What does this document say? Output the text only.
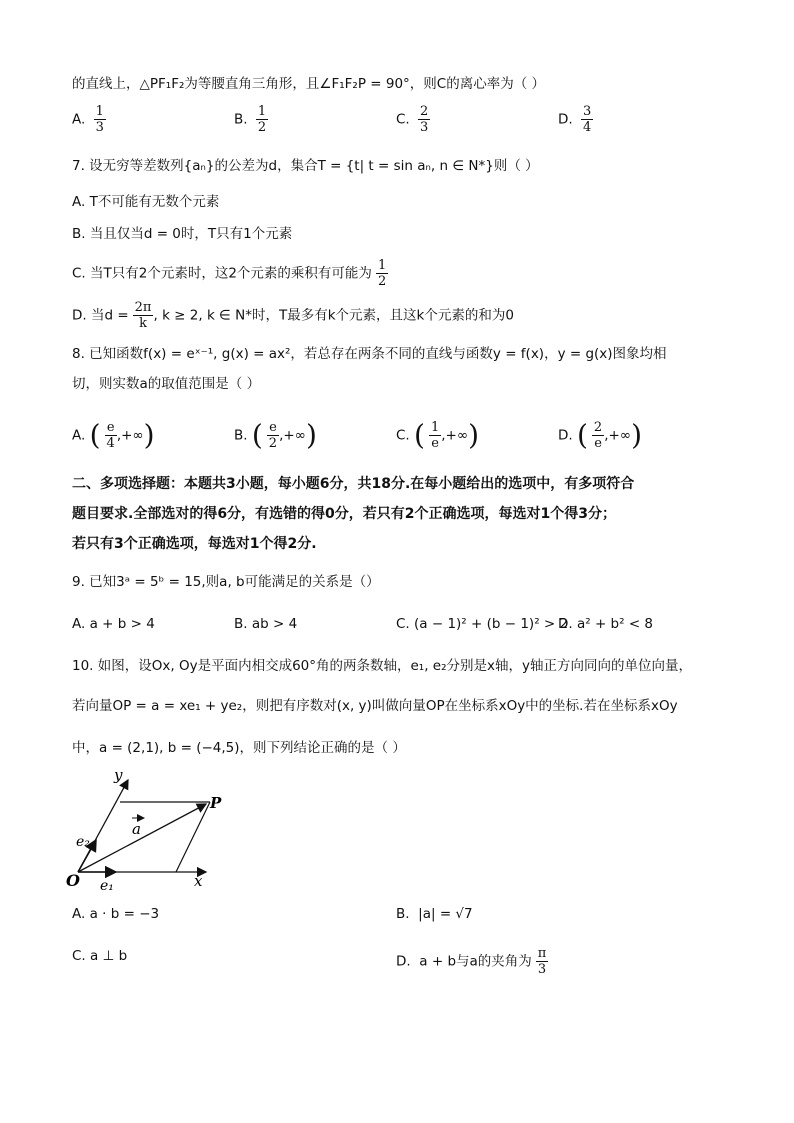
的直线上，△PF₁F₂为等腰直角三角形，且∠F₁F₂P = 90°，则C的离心率为（ ）
A. $\frac{1}{3}$	B. $\frac{1}{2}$	C. $\frac{2}{3}$	D. $\frac{3}{4}$
7. 设无穷等差数列{aₙ}的公差为d，集合T = {t| t = sin aₙ, n ∈ N*}则（ ）
A. T不可能有无数个元素
B. 当且仅当d = 0时，T只有1个元素
C. 当T只有2个元素时，这2个元素的乘积有可能为 $\frac{1}{2}$
D. 当$d = \frac{2\pi}{k}$ , k ≥ 2, k ∈ N*时，T最多有k个元素，且这k个元素的和为0
8. 已知函数f(x) = eˣ⁻¹, g(x) = ax²，若总存在两条不同的直线与函数y = f(x)，y = g(x)图象均相
切，则实数a的取值范围是（ ）
A. ( $\frac{e}{4}$ ,+∞)	B. ( $\frac{e}{2}$ ,+∞)	C. ( $\frac{1}{e}$ ,+∞)	D. ( $\frac{2}{e}$ ,+∞)
二、多项选择题：本题共3小题，每小题6分，共18分.在每小题给出的选项中，有多项符合
题目要求.全部选对的得6分，有选错的得0分，若只有2个正确选项，每选对1个得3分；
若只有3个正确选项，每选对1个得2分.
9. 已知3ᵃ = 5ᵇ = 15,则a, b可能满足的关系是（）
A. a + b > 4	B. ab > 4	C. (a − 1)² + (b − 1)² > 2
D. a² + b² < 8
10. 如图，设Ox, Oy是平面内相交成60°角的两条数轴，e₁, e₂分别是x轴，y轴正方向同向的单位向量，
若向量OP = a = xe₁ + ye₂，则把有序数对(x, y)叫做向量OP在坐标系xOy中的坐标.若在坐标系xOy
中，a = (2,1), b = (−4,5)，则下列结论正确的是（ ）
y
x
O
P
a
e₂
e₁
A. a · b = −3	B. |a| = √7
C. a ⊥ b	D. a + b与a的夹角为 $\frac{\pi}{3}$
